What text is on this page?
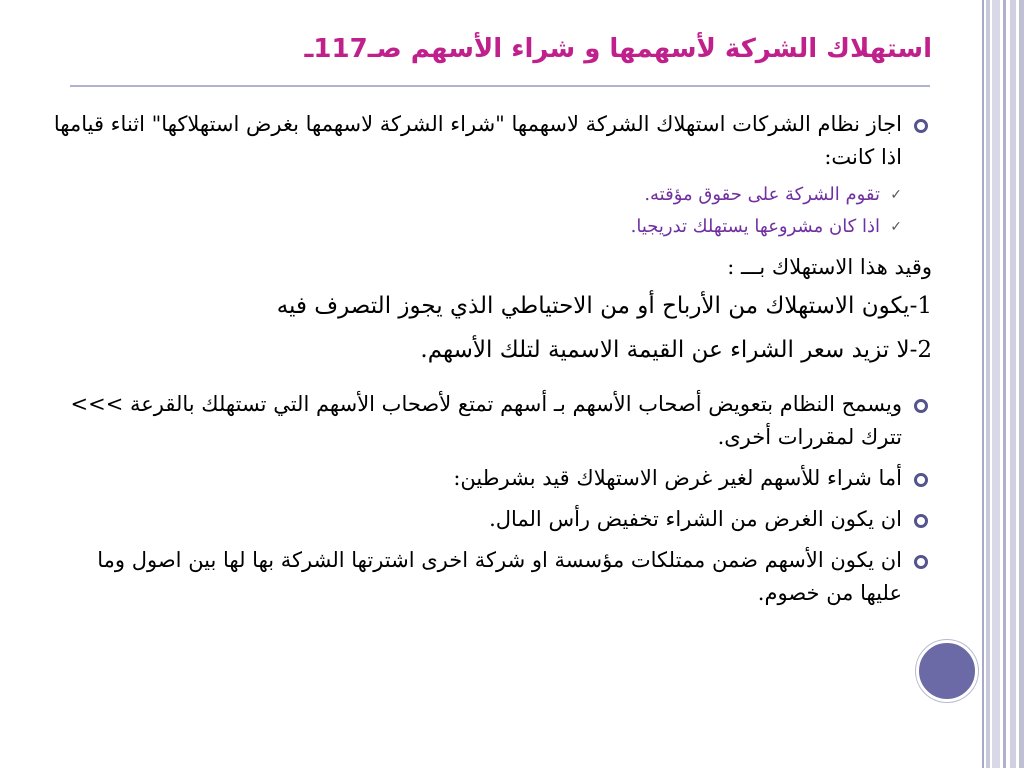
استهلاك الشركة لأسهمها و شراء الأسهم صـ117ـ

اجاز نظام الشركات استهلاك الشركة لاسهمها "شراء الشركة لاسهمها بغرض استهلاكها" اثناء قيامها اذا كانت:

✓
تقوم الشركة على حقوق مؤقته.

✓
اذا كان مشروعها يستهلك تدريجيا.

وقيد هذا الاستهلاك بـــ :

1-يكون الاستهلاك من الأرباح أو من الاحتياطي الذي يجوز التصرف فيه

2-لا تزيد سعر الشراء عن القيمة الاسمية لتلك الأسهم.

ويسمح النظام بتعويض أصحاب الأسهم بـ أسهم تمتع لأصحاب الأسهم التي تستهلك بالقرعة >>> تترك لمقررات أخرى.

أما شراء للأسهم لغير غرض الاستهلاك قيد بشرطين:

ان يكون الغرض من الشراء تخفيض رأس المال.

ان يكون الأسهم ضمن ممتلكات مؤسسة او شركة اخرى اشترتها الشركة بها لها بين اصول وما عليها من خصوم.
